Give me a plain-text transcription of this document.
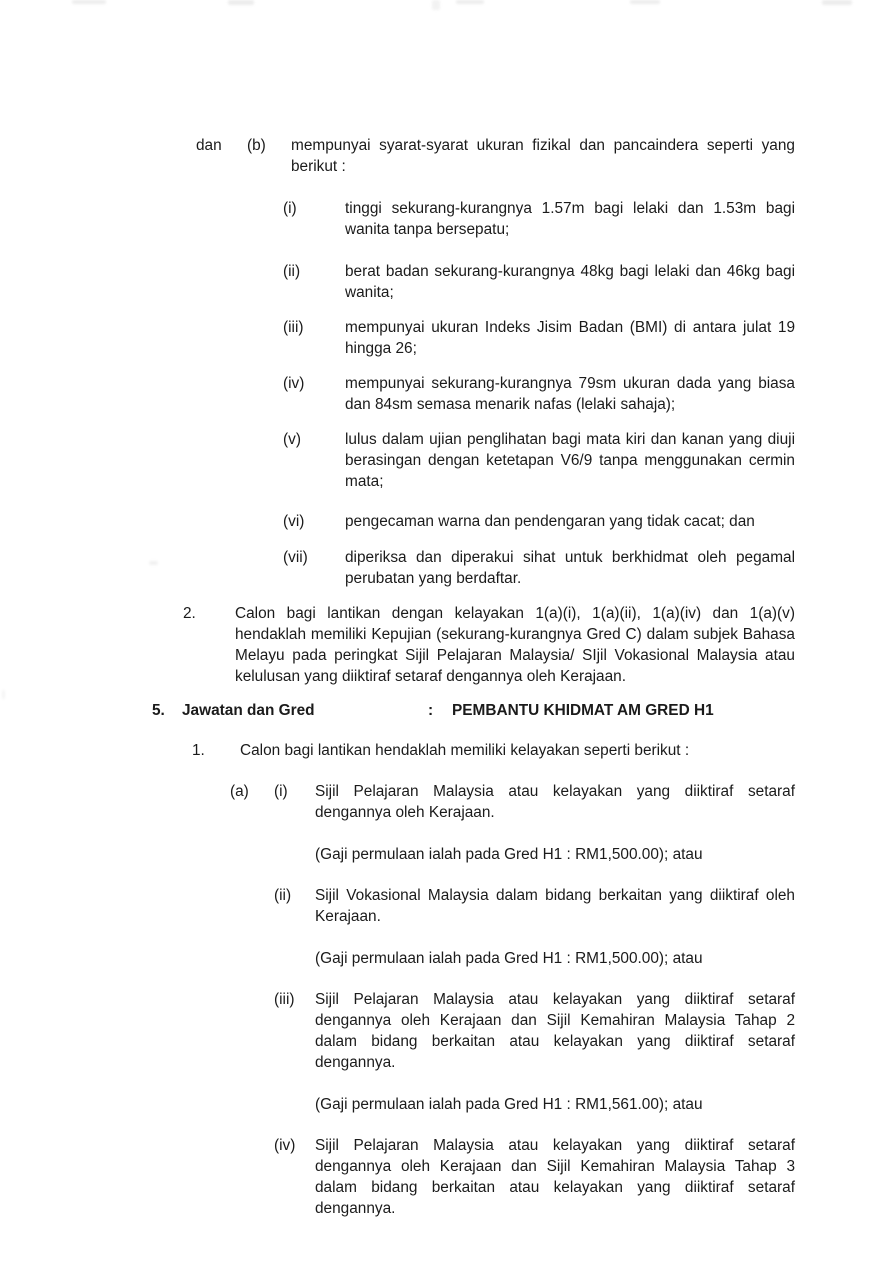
dan	(b)	mempunyai syarat-syarat ukuran fizikal dan pancaindera seperti yang berikut :

(i)	tinggi sekurang-kurangnya 1.57m bagi lelaki dan 1.53m bagi wanita tanpa bersepatu;

(ii)	berat badan sekurang-kurangnya 48kg bagi lelaki dan 46kg bagi wanita;

(iii)	mempunyai ukuran Indeks Jisim Badan (BMI) di antara julat 19 hingga 26;

(iv)	mempunyai sekurang-kurangnya 79sm ukuran dada yang biasa dan 84sm semasa menarik nafas (lelaki sahaja);

(v)	lulus dalam ujian penglihatan bagi mata kiri dan kanan yang diuji berasingan dengan ketetapan V6/9 tanpa menggunakan cermin mata;

(vi)	pengecaman warna dan pendengaran yang tidak cacat; dan

(vii)	diperiksa dan diperakui sihat untuk berkhidmat oleh pegamal perubatan yang berdaftar.

2.	Calon bagi lantikan dengan kelayakan 1(a)(i), 1(a)(ii), 1(a)(iv) dan 1(a)(v) hendaklah memiliki Kepujian (sekurang-kurangnya Gred C) dalam subjek Bahasa Melayu pada peringkat Sijil Pelajaran Malaysia/ SIjil Vokasional Malaysia atau kelulusan yang diiktiraf setaraf dengannya oleh Kerajaan.

5.	Jawatan dan Gred	:	PEMBANTU KHIDMAT AM GRED H1
1.	Calon bagi lantikan hendaklah memiliki kelayakan seperti berikut :

(a)	(i)	Sijil Pelajaran Malaysia atau kelayakan yang diiktiraf setaraf dengannya oleh Kerajaan.

(Gaji permulaan ialah pada Gred H1 : RM1,500.00); atau

(ii)	Sijil Vokasional Malaysia dalam bidang berkaitan yang diiktiraf oleh Kerajaan.

(Gaji permulaan ialah pada Gred H1 : RM1,500.00); atau

(iii)	Sijil Pelajaran Malaysia atau kelayakan yang diiktiraf setaraf dengannya oleh Kerajaan dan Sijil Kemahiran Malaysia Tahap 2 dalam bidang berkaitan atau kelayakan yang diiktiraf setaraf dengannya.

(Gaji permulaan ialah pada Gred H1 : RM1,561.00); atau

(iv)	Sijil Pelajaran Malaysia atau kelayakan yang diiktiraf setaraf dengannya oleh Kerajaan dan Sijil Kemahiran Malaysia Tahap 3 dalam bidang berkaitan atau kelayakan yang diiktiraf setaraf dengannya.
